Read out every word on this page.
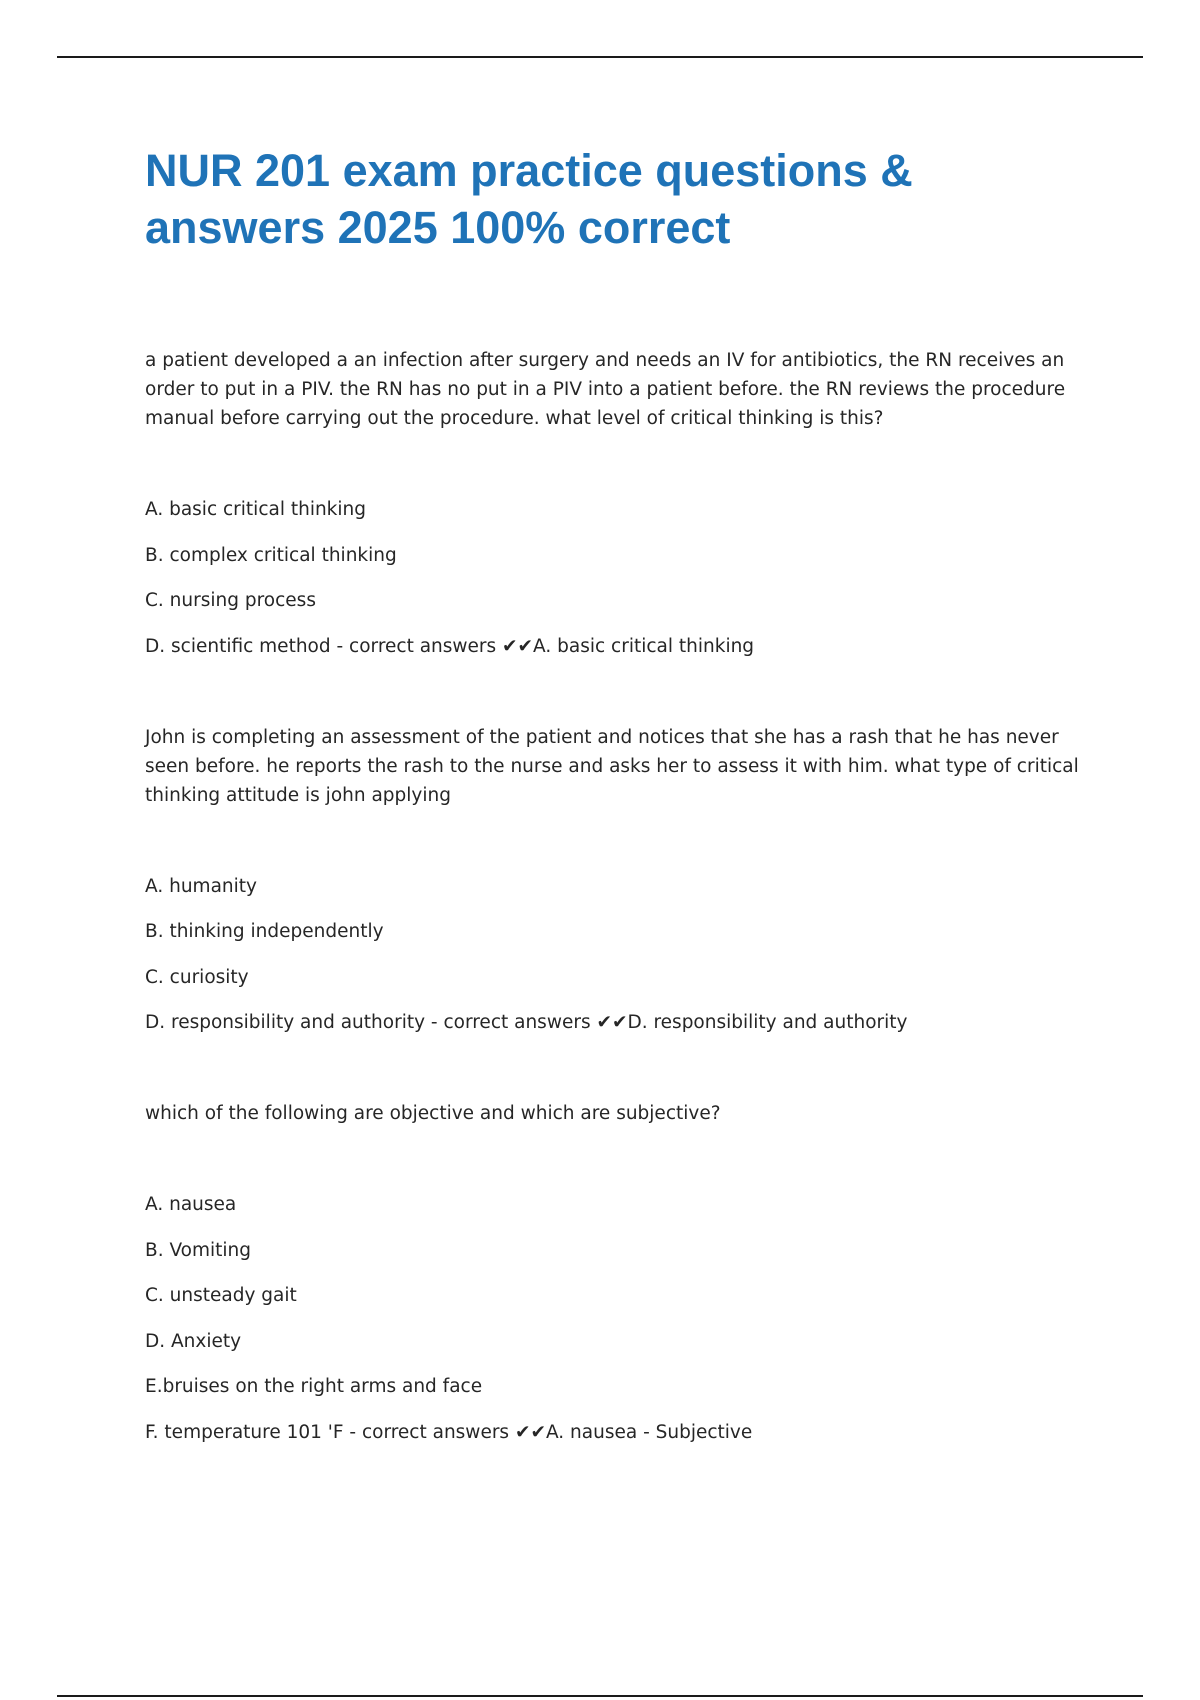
NUR 201 exam practice questions & answers 2025 100% correct

a patient developed a an infection after surgery and needs an IV for antibiotics, the RN receives an order to put in a PIV. the RN has no put in a PIV into a patient before. the RN reviews the procedure manual before carrying out the procedure. what level of critical thinking is this?

A. basic critical thinking

B. complex critical thinking

C. nursing process

D. scientific method - correct answers ✔✔A. basic critical thinking

John is completing an assessment of the patient and notices that she has a rash that he has never seen before. he reports the rash to the nurse and asks her to assess it with him. what type of critical thinking attitude is john applying

A. humanity

B. thinking independently

C. curiosity

D. responsibility and authority - correct answers ✔✔D. responsibility and authority

which of the following are objective and which are subjective?

A. nausea

B. Vomiting

C. unsteady gait

D. Anxiety

E.bruises on the right arms and face

F. temperature 101 'F - correct answers ✔✔A. nausea - Subjective
